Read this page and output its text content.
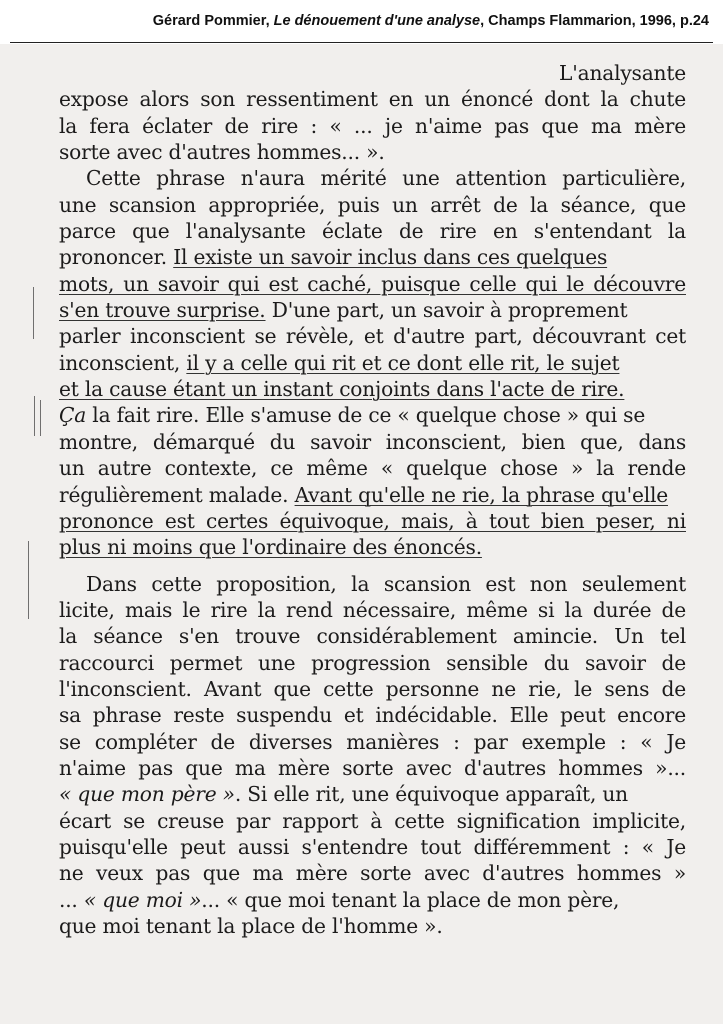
Gérard Pommier, Le dénouement d'une analyse, Champs Flammarion, 1996, p.24
L'analysante
expose alors son ressentiment en un énoncé dont la chute
la fera éclater de rire : « ... je n'aime pas que ma mère
sorte avec d'autres hommes... ».
Cette phrase n'aura mérité une attention particulière,
une scansion appropriée, puis un arrêt de la séance, que
parce que l'analysante éclate de rire en s'entendant la
prononcer. Il existe un savoir inclus dans ces quelques
mots, un savoir qui est caché, puisque celle qui le découvre
s'en trouve surprise. D'une part, un savoir à proprement
parler inconscient se révèle, et d'autre part, découvrant cet
inconscient, il y a celle qui rit et ce dont elle rit, le sujet
et la cause étant un instant conjoints dans l'acte de rire.
Ça la fait rire. Elle s'amuse de ce « quelque chose » qui se
montre, démarqué du savoir inconscient, bien que, dans
un autre contexte, ce même « quelque chose » la rende
régulièrement malade. Avant qu'elle ne rie, la phrase qu'elle
prononce est certes équivoque, mais, à tout bien peser, ni
plus ni moins que l'ordinaire des énoncés.
Dans cette proposition, la scansion est non seulement
licite, mais le rire la rend nécessaire, même si la durée de
la séance s'en trouve considérablement amincie. Un tel
raccourci permet une progression sensible du savoir de
l'inconscient. Avant que cette personne ne rie, le sens de
sa phrase reste suspendu et indécidable. Elle peut encore
se compléter de diverses manières : par exemple : « Je
n'aime pas que ma mère sorte avec d'autres hommes »...
« que mon père ». Si elle rit, une équivoque apparaît, un
écart se creuse par rapport à cette signification implicite,
puisqu'elle peut aussi s'entendre tout différemment : « Je
ne veux pas que ma mère sorte avec d'autres hommes »
... « que moi »... « que moi tenant la place de mon père,
que moi tenant la place de l'homme ».
